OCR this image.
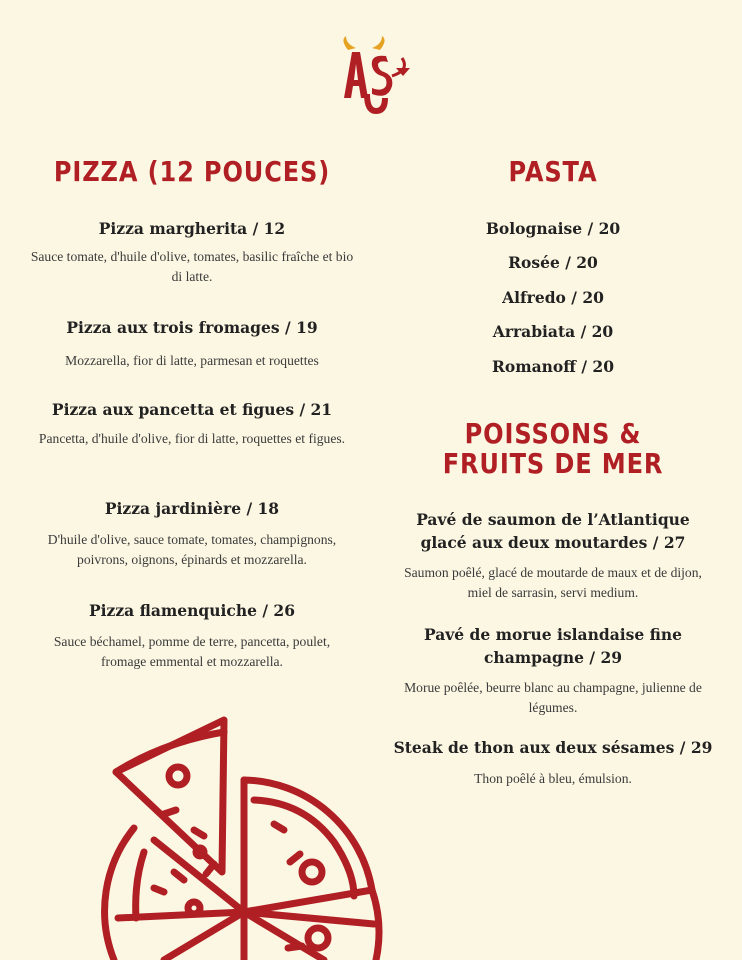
PIZZA (12 POUCES)

Pizza margherita / 12

Sauce tomate, d'huile d'olive, tomates, basilic fraîche et bio di latte.

Pizza aux trois fromages / 19

Mozzarella, fior di latte, parmesan et roquettes

Pizza aux pancetta et figues / 21

Pancetta, d'huile d'olive, fior di latte, roquettes et figues.

Pizza jardinière / 18

D'huile d'olive, sauce tomate, tomates, champignons, poivrons, oignons, épinards et mozzarella.

Pizza flamenquiche / 26

Sauce béchamel, pomme de terre, pancetta, poulet, fromage emmental et mozzarella.

PASTA

Bolognaise / 20

Rosée / 20

Alfredo / 20

Arrabiata / 20

Romanoff / 20

POISSONS & FRUITS DE MER

Pavé de saumon de l’Atlantique glacé aux deux moutardes / 27

Saumon poêlé, glacé de moutarde de maux et de dijon, miel de sarrasin, servi medium.

Pavé de morue islandaise fine champagne / 29

Morue poêlée, beurre blanc au champagne, julienne de légumes.

Steak de thon aux deux sésames / 29

Thon poêlé à bleu, émulsion.
